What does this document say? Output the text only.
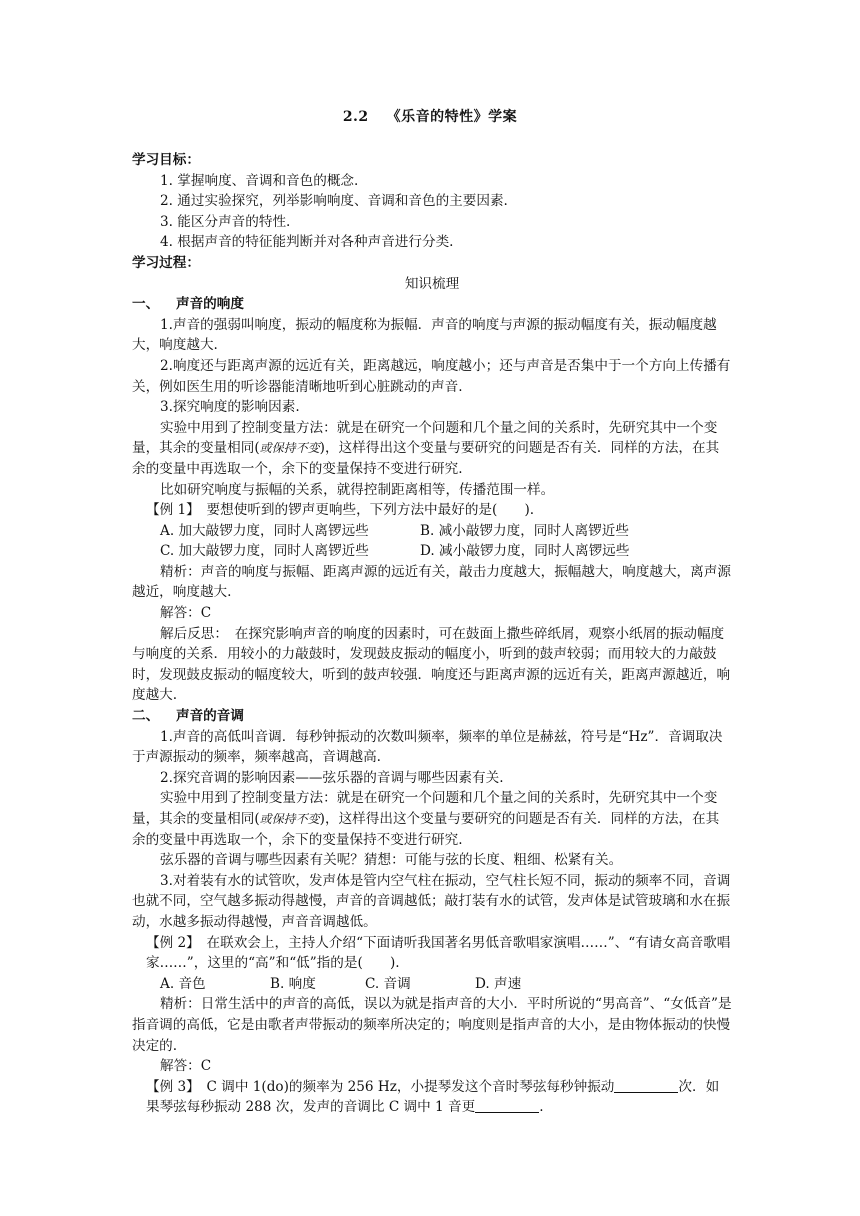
2.2 《乐音的特性》学案

学习目标：

1. 掌握响度、音调和音色的概念.

2. 通过实验探究，列举影响响度、音调和音色的主要因素.

3. 能区分声音的特性.

4. 根据声音的特征能判断并对各种声音进行分类.

学习过程：

知识梳理

一、 声音的响度

1.声音的强弱叫响度，振动的幅度称为振幅．声音的响度与声源的振动幅度有关，振动幅度越大，响度越大.

2.响度还与距离声源的远近有关，距离越远，响度越小；还与声音是否集中于一个方向上传播有关，例如医生用的听诊器能清晰地听到心脏跳动的声音.

3.探究响度的影响因素.

实验中用到了控制变量方法：就是在研究一个问题和几个量之间的关系时，先研究其中一个变量，其余的变量相同(或保持不变)，这样得出这个变量与要研究的问题是否有关．同样的方法，在其余的变量中再选取一个，余下的变量保持不变进行研究.

比如研究响度与振幅的关系，就得控制距离相等，传播范围一样。

【例 1】　 要想使听到的锣声更响些，下列方法中最好的是(　　).

A. 加大敲锣力度，同时人离锣远些	B. 减小敲锣力度，同时人离锣近些

C. 加大敲锣力度，同时人离锣近些	D. 减小敲锣力度，同时人离锣远些

精析：声音的响度与振幅、距离声源的远近有关，敲击力度越大，振幅越大，响度越大，离声源越近，响度越大.

解答：C

解后反思：　在探究影响声音的响度的因素时，可在鼓面上撒些碎纸屑，观察小纸屑的振动幅度与响度的关系．用较小的力敲鼓时，发现鼓皮振动的幅度小，听到的鼓声较弱；而用较大的力敲鼓时，发现鼓皮振动的幅度较大，听到的鼓声较强．响度还与距离声源的远近有关，距离声源越近，响度越大.

二、 声音的音调

1.声音的高低叫音调．每秒钟振动的次数叫频率，频率的单位是赫兹，符号是“Hz”．音调取决于声源振动的频率，频率越高，音调越高.

2.探究音调的影响因素——弦乐器的音调与哪些因素有关.

实验中用到了控制变量方法：就是在研究一个问题和几个量之间的关系时，先研究其中一个变量，其余的变量相同(或保持不变)，这样得出这个变量与要研究的问题是否有关．同样的方法，在其余的变量中再选取一个，余下的变量保持不变进行研究.

弦乐器的音调与哪些因素有关呢？猜想：可能与弦的长度、粗细、松紧有关。

3.对着装有水的试管吹，发声体是管内空气柱在振动，空气柱长短不同，振动的频率不同，音调也就不同，空气越多振动得越慢，声音的音调越低；敲打装有水的试管，发声体是试管玻璃和水在振动，水越多振动得越慢，声音音调越低。

【例 2】　 在联欢会上，主持人介绍“下面请听我国著名男低音歌唱家演唱……”、“有请女高音歌唱家……”，这里的“高”和“低”指的是(　　).

A. 音色	B. 响度	C. 音调	D. 声速

精析：日常生活中的声音的高低，误以为就是指声音的大小．平时所说的“男高音”、“女低音”是指音调的高低，它是由歌者声带振动的频率所决定的；响度则是指声音的大小，是由物体振动的快慢决定的.

解答：C

【例 3】　 C 调中 1(do)的频率为 256 Hz，小提琴发这个音时琴弦每秒钟振动	次．如果琴弦每秒振动 288 次，发声的音调比 C 调中 1 音更	.
